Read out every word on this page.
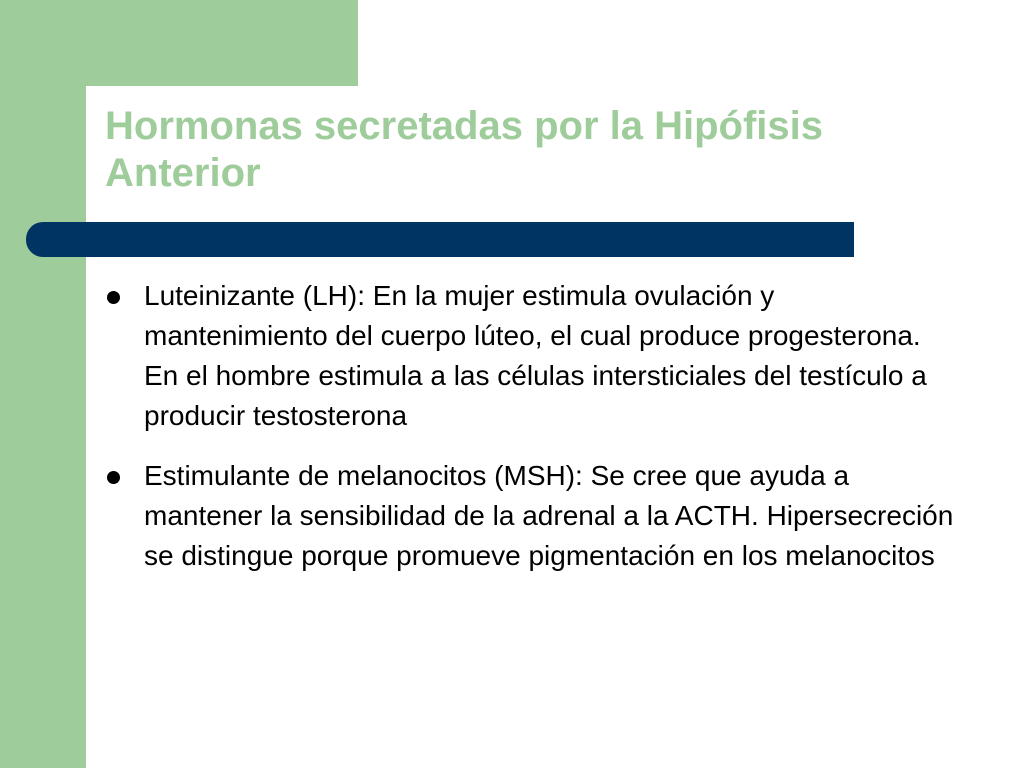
Hormonas secretadas por la Hipófisis Anterior
Luteinizante (LH): En la mujer estimula ovulación y mantenimiento del cuerpo lúteo, el cual produce progesterona. En el hombre estimula a las células intersticiales del testículo a producir testosterona
Estimulante de melanocitos (MSH): Se cree que ayuda a mantener la sensibilidad de la adrenal a la ACTH. Hipersecreción se distingue porque promueve pigmentación en los melanocitos
